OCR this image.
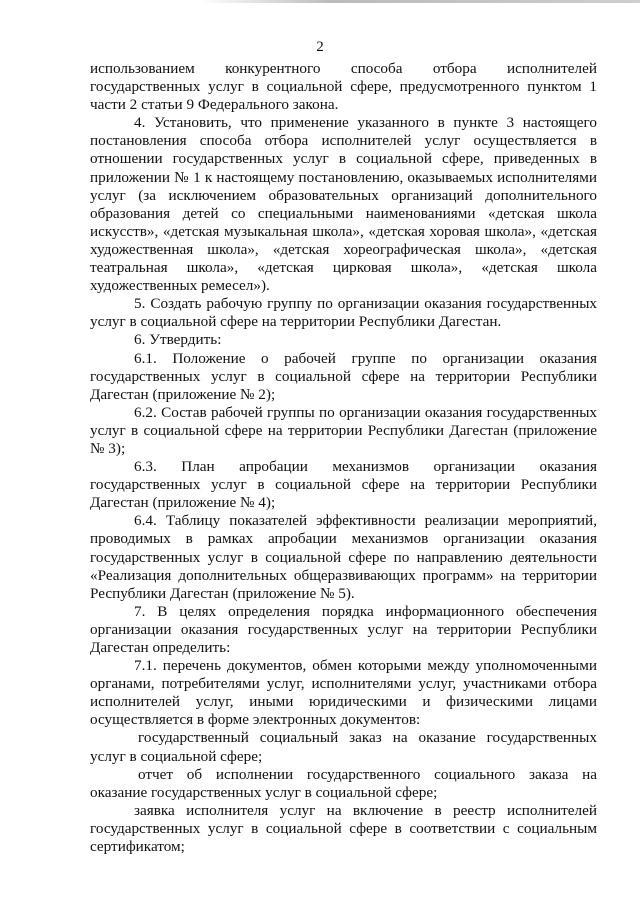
2

использованием конкурентного способа отбора исполнителей государственных услуг в социальной сфере, предусмотренного пунктом 1 части 2 статьи 9 Федерального закона.

4. Установить, что применение указанного в пункте 3 настоящего постановления способа отбора исполнителей услуг осуществляется в отношении государственных услуг в социальной сфере, приведенных в приложении № 1 к настоящему постановлению, оказываемых исполнителями услуг (за исключением образовательных организаций дополнительного образования детей со специальными наименованиями «детская школа искусств», «детская музыкальная школа», «детская хоровая школа», «детская художественная школа», «детская хореографическая школа», «детская театральная школа», «детская цирковая школа», «детская школа художественных ремесел»).

5. Создать рабочую группу по организации оказания государственных услуг в социальной сфере на территории Республики Дагестан.

6. Утвердить:

6.1. Положение о рабочей группе по организации оказания государственных услуг в социальной сфере на территории Республики Дагестан (приложение № 2);

6.2. Состав рабочей группы по организации оказания государственных услуг в социальной сфере на территории Республики Дагестан (приложение № 3);

6.3. План апробации механизмов организации оказания государственных услуг в социальной сфере на территории Республики Дагестан (приложение № 4);

6.4. Таблицу показателей эффективности реализации мероприятий, проводимых в рамках апробации механизмов организации оказания государственных услуг в социальной сфере по направлению деятельности «Реализация дополнительных общеразвивающих программ» на территории Республики Дагестан (приложение № 5).

7. В целях определения порядка информационного обеспечения организации оказания государственных услуг на территории Республики Дагестан определить:

7.1. перечень документов, обмен которыми между уполномоченными органами, потребителями услуг, исполнителями услуг, участниками отбора исполнителей услуг, иными юридическими и физическими лицами осуществляется в форме электронных документов:

государственный социальный заказ на оказание государственных услуг в социальной сфере;

отчет об исполнении государственного социального заказа на оказание государственных услуг в социальной сфере;

заявка исполнителя услуг на включение в реестр исполнителей государственных услуг в социальной сфере в соответствии с социальным сертификатом;
